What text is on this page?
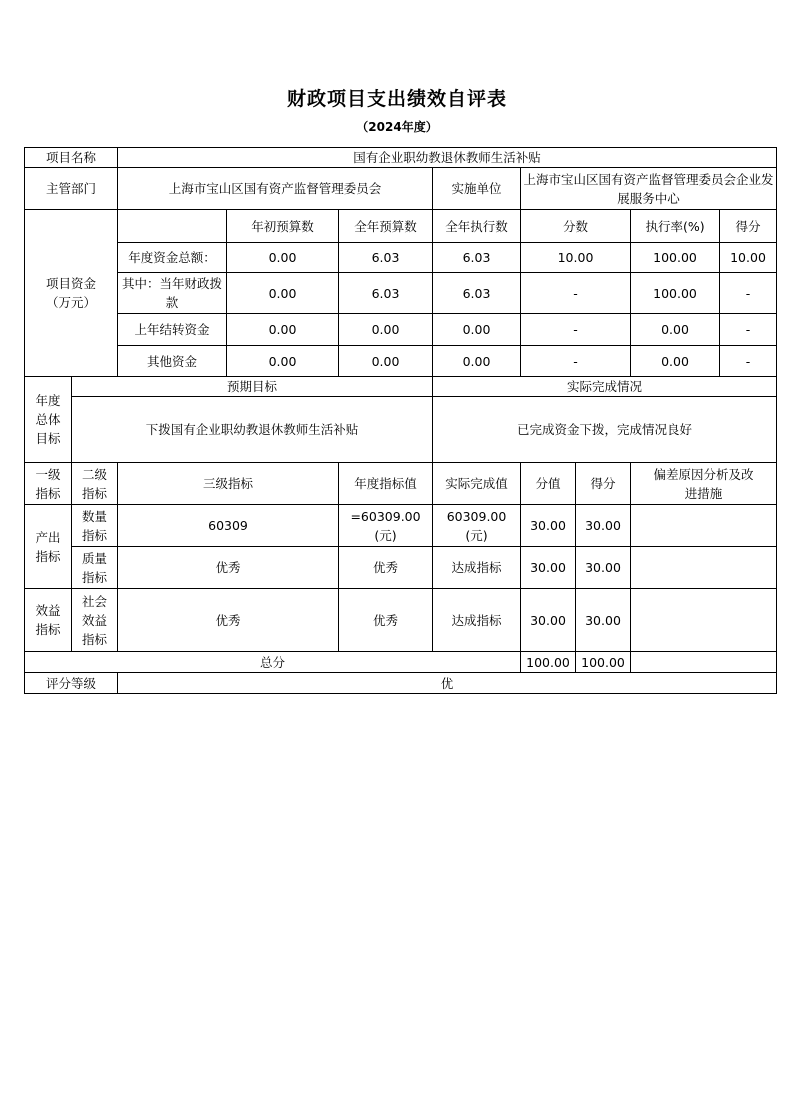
财政项目支出绩效自评表
（2024年度）
项目名称		国有企业职幼教退休教师生活补贴							
主管部门		上海市宝山区国有资产监督管理委员会			实施单位	上海市宝山区国有资产监督管理委员会企业发展服务中心			

项目资金（万元）			年初预算数	全年预算数	全年执行数	分数		执行率(%)	得分
		年度资金总额：	0.00	6.03	6.03	10.00		100.00	10.00
		其中：当年财政拨款	0.00	6.03	6.03	-		100.00	-
		上年结转资金	0.00	0.00	0.00	-		0.00	-
		其他资金	0.00	0.00	0.00	-		0.00	-

年度总体目标	预期目标				实际完成情况				
	下拨国有企业职幼教退休教师生活补贴				已完成资金下拨，完成情况良好				

一级指标	二级指标	三级指标		年度指标值	实际完成值	分值	得分	偏差原因分析及改进措施	

产出指标	数量指标	60309		=60309.00(元)	60309.00(元)	30.00	30.00		

	质量指标	优秀		优秀	达成指标	30.00	30.00		

效益指标	社会效益指标	优秀		优秀	达成指标	30.00	30.00		
总分						100.00	100.00		
评分等级		优							
